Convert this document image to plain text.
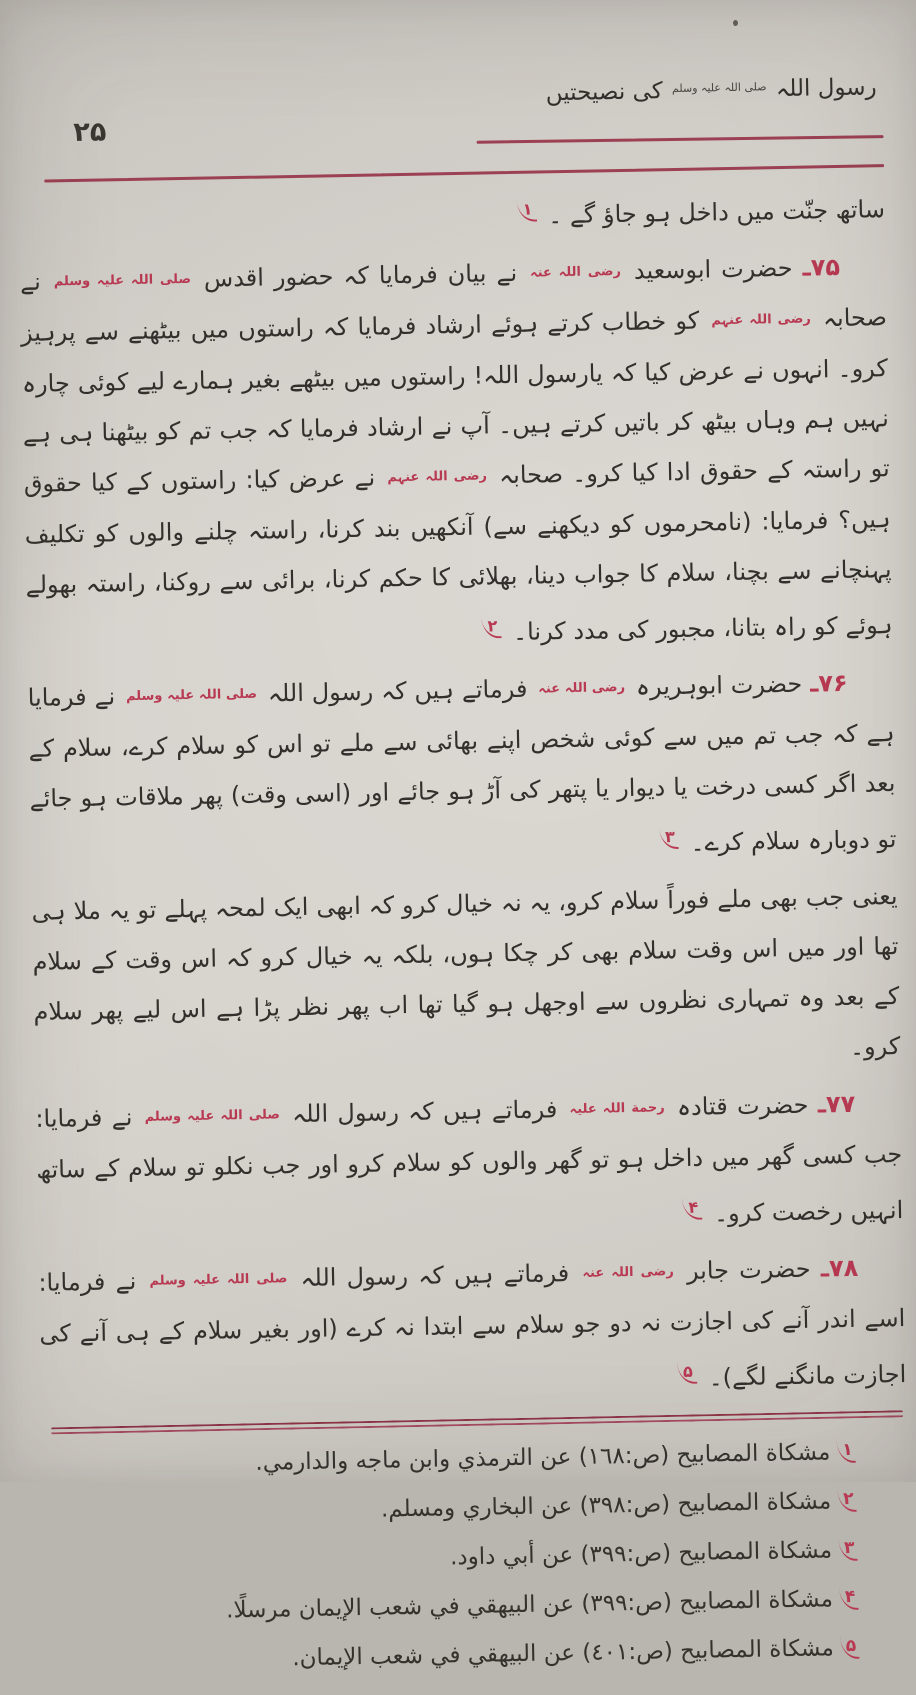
رسول اللہ $^{صلی اللہ علیہ وسلم}$ کی نصیحتیں
۲۵

ساتھ جنّت میں داخل ہو جاؤ گے ۔ $^۱$

۷۵ـ حضرت ابوسعید رضی اللہ عنہ نے بیان فرمایا کہ حضور اقدس صلی اللہ علیہ وسلم نے صحابہ رضی اللہ عنہم کو خطاب کرتے ہوئے ارشاد فرمایا کہ راستوں میں بیٹھنے سے پرہیز کرو۔ انہوں نے عرض کیا کہ یارسول اللہ! راستوں میں بیٹھے بغیر ہمارے لیے کوئی چارہ نہیں ہم وہاں بیٹھ کر باتیں کرتے ہیں۔ آپ نے ارشاد فرمایا کہ جب تم کو بیٹھنا ہی ہے تو راستہ کے حقوق ادا کیا کرو۔ صحابہ رضی اللہ عنہم نے عرض کیا: راستوں کے کیا حقوق ہیں؟ فرمایا: (نامحرموں کو دیکھنے سے) آنکھیں بند کرنا، راستہ چلنے والوں کو تکلیف پہنچانے سے بچنا، سلام کا جواب دینا، بھلائی کا حکم کرنا، برائی سے روکنا، راستہ بھولے ہوئے کو راہ بتانا، مجبور کی مدد کرنا۔ $^۲$

۷۶ـ حضرت ابوہریرہ رضی اللہ عنہ فرماتے ہیں کہ رسول اللہ صلی اللہ علیہ وسلم نے فرمایا ہے کہ جب تم میں سے کوئی شخص اپنے بھائی سے ملے تو اس کو سلام کرے، سلام کے بعد اگر کسی درخت یا دیوار یا پتھر کی آڑ ہو جائے اور (اسی وقت) پھر ملاقات ہو جائے تو دوبارہ سلام کرے۔ $^۳$

یعنی جب بھی ملے فوراً سلام کرو، یہ نہ خیال کرو کہ ابھی ایک لمحہ پہلے تو یہ ملا ہی تھا اور میں اس وقت سلام بھی کر چکا ہوں، بلکہ یہ خیال کرو کہ اس وقت کے سلام کے بعد وہ تمہاری نظروں سے اوجھل ہو گیا تھا اب پھر نظر پڑا ہے اس لیے پھر سلام کرو۔

۷۷ـ حضرت قتادہ رحمة اللہ علیہ فرماتے ہیں کہ رسول اللہ صلی اللہ علیہ وسلم نے فرمایا: جب کسی گھر میں داخل ہو تو گھر والوں کو سلام کرو اور جب نکلو تو سلام کے ساتھ انہیں رخصت کرو۔ $^۴$

۷۸ـ حضرت جابر رضی اللہ عنہ فرماتے ہیں کہ رسول اللہ صلی اللہ علیہ وسلم نے فرمایا: اسے اندر آنے کی اجازت نہ دو جو سلام سے ابتدا نہ کرے (اور بغیر سلام کے ہی آنے کی اجازت مانگنے لگے)۔ $^۵$

۱مشكاة المصابيح (ص:١٦٨) عن الترمذي وابن ماجه والدارمي.
۲مشكاة المصابيح (ص:٣٩٨) عن البخاري ومسلم.
۳مشكاة المصابيح (ص:٣٩٩) عن أبي داود.
۴مشكاة المصابيح (ص:٣٩٩) عن البيهقي في شعب الإيمان مرسلًا.
۵مشكاة المصابيح (ص:٤٠١) عن البيهقي في شعب الإيمان.
